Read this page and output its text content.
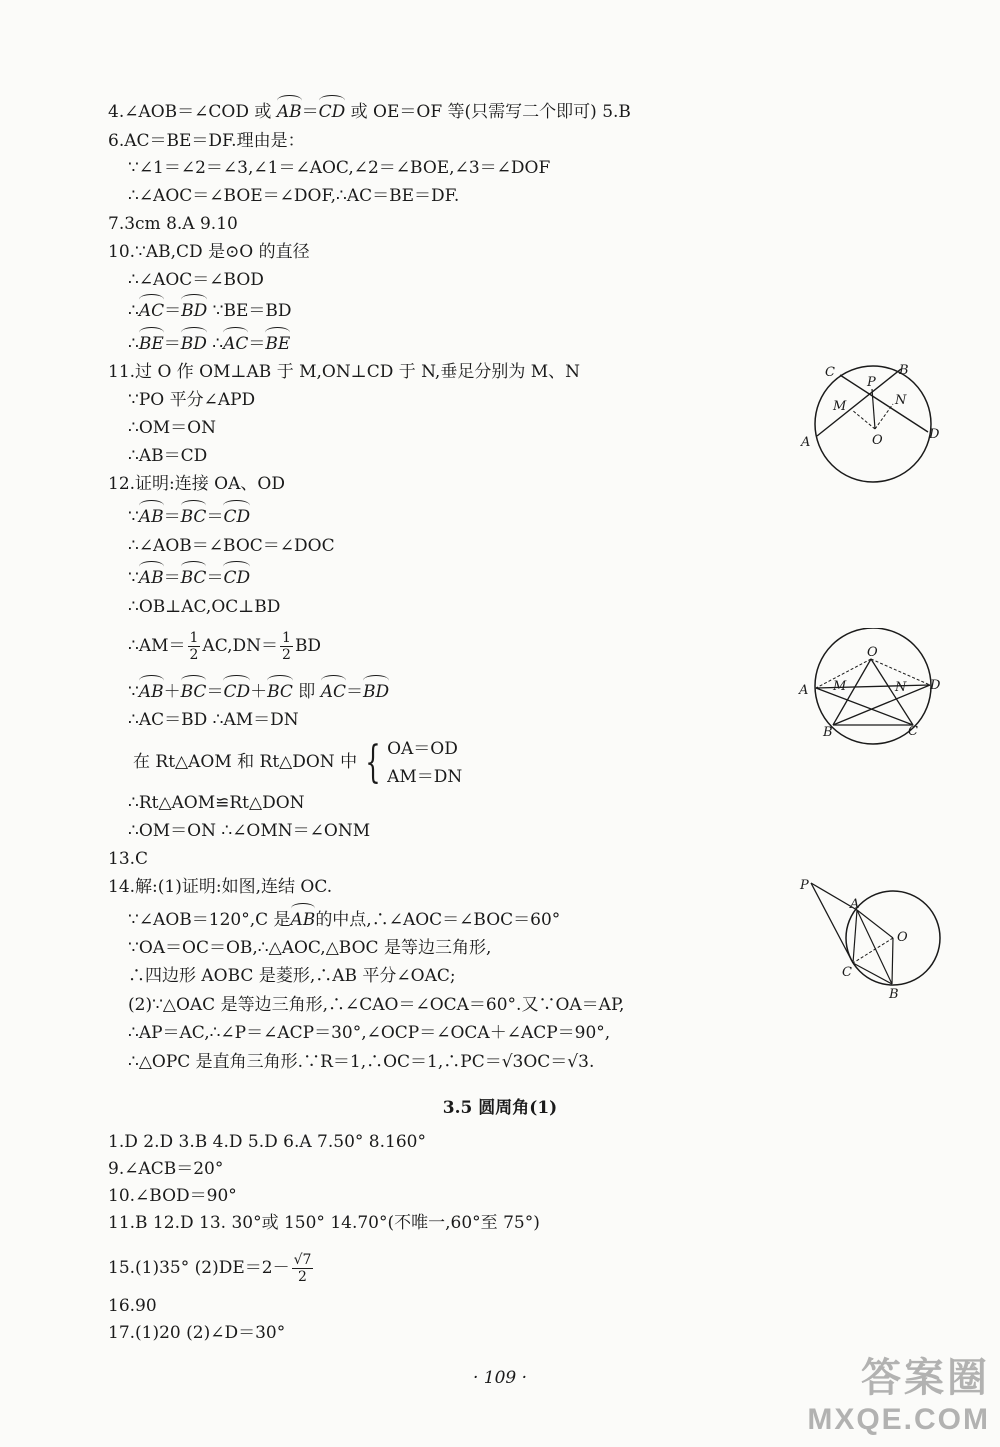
4.∠AOB＝∠COD 或 AB＝CD 或 OE＝OF 等(只需写二个即可) 5.B
6.AC＝BE＝DF.理由是：
∵∠1＝∠2＝∠3,∠1＝∠AOC,∠2＝∠BOE,∠3＝∠DOF
∴∠AOC＝∠BOE＝∠DOF,∴AC＝BE＝DF.
7.3cm 8.A 9.10
10.∵AB,CD 是⊙O 的直径
∴∠AOC＝∠BOD
∴AC＝BD ∵BE＝BD
∴BE＝BD ∴AC＝BE
11.过 O 作 OM⊥AB 于 M,ON⊥CD 于 N,垂足分别为 M、N
∵PO 平分∠APD
∴OM＝ON
∴AB＝CD
12.证明:连接 OA、OD
∵AB＝BC＝CD
∴∠AOB＝∠BOC＝∠DOC
∵AB＝BC＝CD
∴OB⊥AC,OC⊥BD
∴AM＝ $\frac{1}{2} AC,DN= \frac{1}{2}$ BD
∵AB＋BC＝CD＋BC 即 AC＝BD
∴AC＝BD ∴AM＝DN
在 Rt△AOM 和 Rt△DON 中 { OA＝OD
AM＝DN
∴Rt△AOM≌Rt△DON
∴OM＝ON ∴∠OMN＝∠ONM
13.C
14.解:(1)证明:如图,连结 OC.
∵∠AOB＝120°,C 是AB的中点,∴∠AOC＝∠BOC＝60°
∵OA＝OC＝OB,∴△AOC,△BOC 是等边三角形,
∴四边形 AOBC 是菱形,∴AB 平分∠OAC;
(2)∵△OAC 是等边三角形,∴∠CAO＝∠OCA＝60°.又∵OA＝AP,
∴AP＝AC,∴∠P＝∠ACP＝30°,∠OCP＝∠OCA＋∠ACP＝90°,
∴△OPC 是直角三角形.∵R＝1,∴OC＝1,∴PC＝√3OC＝√3.
3.5 圆周角(1)
1.D 2.D 3.B 4.D 5.D 6.A 7.50° 8.160°
9.∠ACB＝20°
10.∠BOD＝90°
11.B 12.D 13. 30°或 150° 14.70°(不唯一,60°至 75°)
15.(1)35° $(2)DE=2- \frac{√7}{2}$
16.90
17.(1)20 (2)∠D＝30°
· 109 ·
C
P
B
M	N
A	O	D
O
A M	N D
B	C
P
A
O
C
B
答案圈
MXQE.COM
